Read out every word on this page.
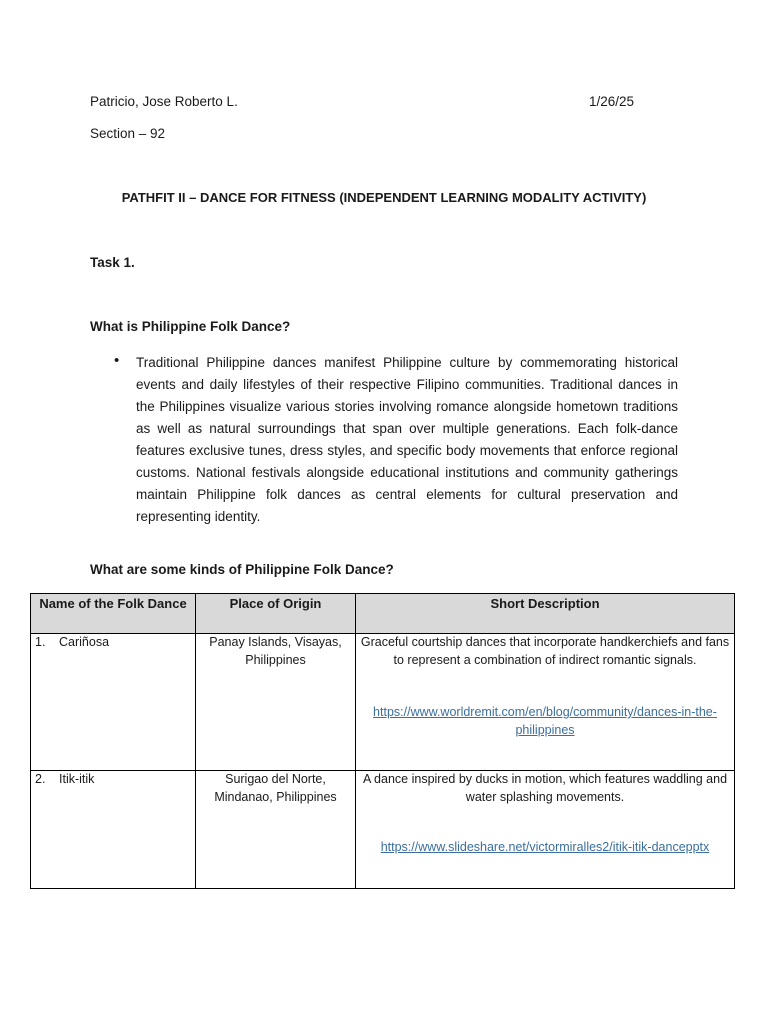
Patricio, Jose Roberto L.	1/26/25
Section – 92
PATHFIT II – DANCE FOR FITNESS (INDEPENDENT LEARNING MODALITY ACTIVITY)
Task 1.
What is Philippine Folk Dance?
• Traditional Philippine dances manifest Philippine culture by commemorating historical events and daily lifestyles of their respective Filipino communities. Traditional dances in the Philippines visualize various stories involving romance alongside hometown traditions as well as natural surroundings that span over multiple generations. Each folk-dance features exclusive tunes, dress styles, and specific body movements that enforce regional customs. National festivals alongside educational institutions and community gatherings maintain Philippine folk dances as central elements for cultural preservation and representing identity.

What are some kinds of Philippine Folk Dance?
Name of the Folk Dance	Place of Origin	Short Description
1. Cariñosa	Panay Islands, Visayas, Philippines	Graceful courtship dances that incorporate handkerchiefs and fans to represent a combination of indirect romantic signals.
https://www.worldremit.com/en/blog/community/dances-in-the-philippines

2. Itik-itik	Surigao del Norte, Mindanao, Philippines	A dance inspired by ducks in motion, which features waddling and water splashing movements.
https://www.slideshare.net/victormiralles2/itik-itik-dancepptx
